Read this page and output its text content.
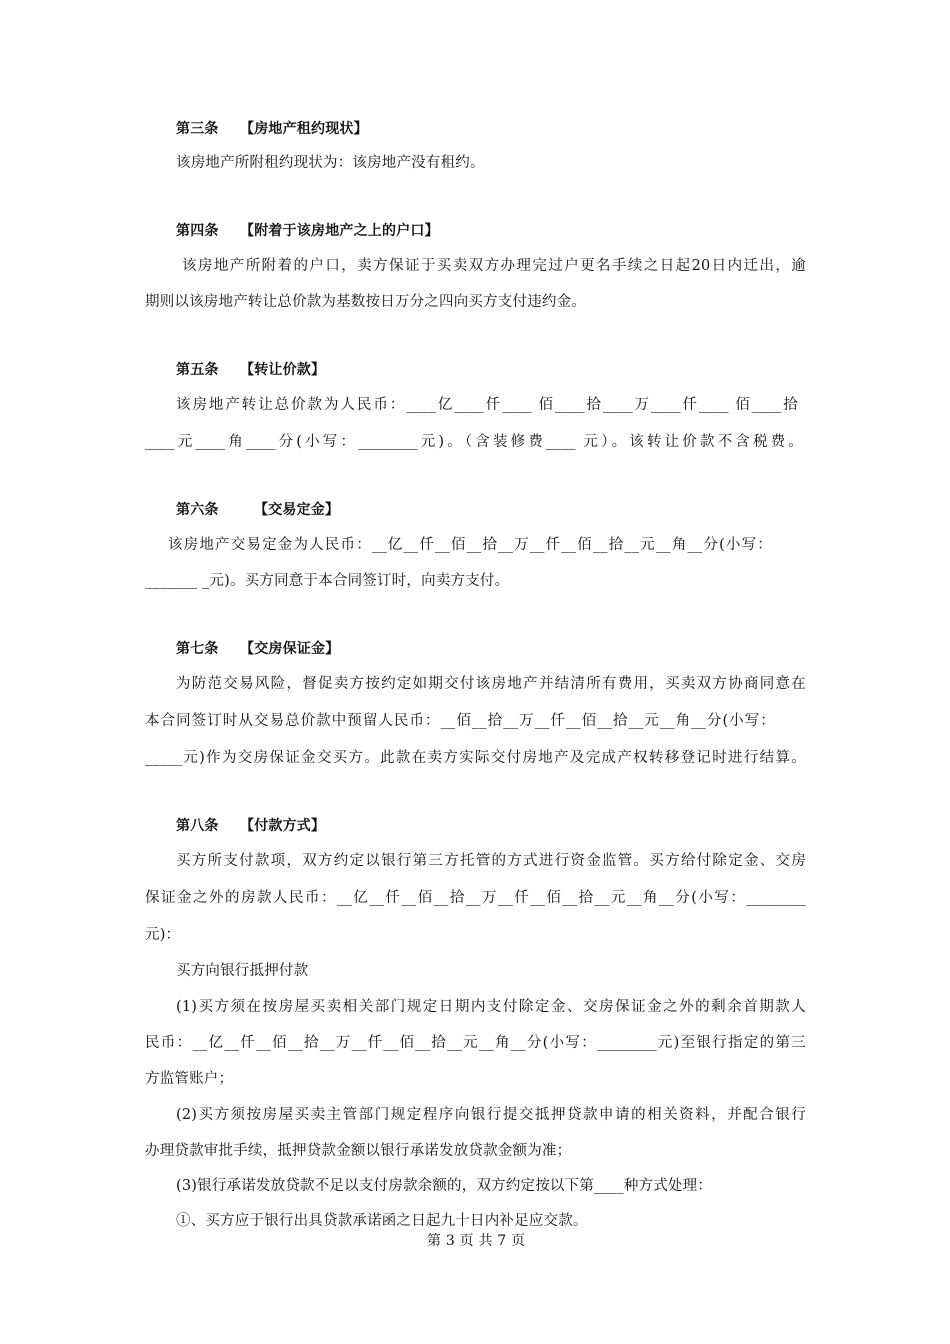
第三条 【房地产租约现状】
该房地产所附租约现状为：该房地产没有租约。
第四条 【附着于该房地产之上的户口】
该房地产所附着的户口，卖方保证于买卖双方办理完过户更名手续之日起20日内迁出，逾
期则以该房地产转让总价款为基数按日万分之四向买方支付违约金。
第五条 【转让价款】
该房地产转让总价款为人民币：____亿____仟____ 佰____拾____万____仟____ 佰____拾
____元____角____分(小写：________元)。（含装修费____ 元）。该转让价款不含税费。
第六条	【交易定金】
该房地产交易定金为人民币：__亿__仟__佰__拾__万__仟__佰__拾__元__角__分(小写：
_______ _元)。买方同意于本合同签订时，向卖方支付。
第七条 【交房保证金】
为防范交易风险，督促卖方按约定如期交付该房地产并结清所有费用，买卖双方协商同意在
本合同签订时从交易总价款中预留人民币：__佰__拾__万__仟__佰__拾__元__角__分(小写：
_____元)作为交房保证金交买方。此款在卖方实际交付房地产及完成产权转移登记时进行结算。
第八条 【付款方式】
买方所支付款项，双方约定以银行第三方托管的方式进行资金监管。买方给付除定金、交房
保证金之外的房款人民币：__亿__仟__佰__拾__万__仟__佰__拾__元__角__分(小写：________
元)：
买方向银行抵押付款
(1)买方须在按房屋买卖相关部门规定日期内支付除定金、交房保证金之外的剩余首期款人
民币：__亿__仟__佰__拾__万__仟__佰__拾__元__角__分(小写：________元)至银行指定的第三
方监管账户；
(2)买方须按房屋买卖主管部门规定程序向银行提交抵押贷款申请的相关资料，并配合银行
办理贷款审批手续，抵押贷款金额以银行承诺发放贷款金额为准；
(3)银行承诺发放贷款不足以支付房款余额的，双方约定按以下第____种方式处理：
①、买方应于银行出具贷款承诺函之日起九十日内补足应交款。
第 3 页 共 7 页
